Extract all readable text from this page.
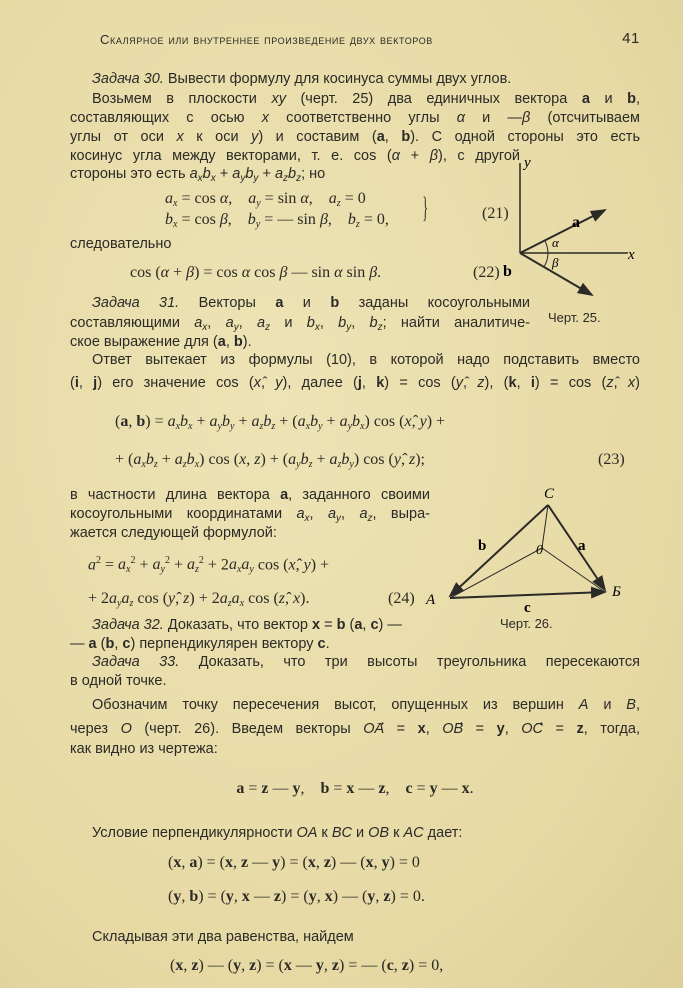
Скалярное или внутреннее произведение двух векторов	41
Задача 30. Вывести формулу для косинуса суммы двух углов.
Возьмем в плоскости xy (черт. 25) два единичных вектора a и b,
составляющих с осью x соответственно углы α и —β (отсчитываем
углы от оси x к оси y) и составим (a, b). С одной стороны это есть
косинус угла между векторами, т. е. cos (α + β), с другой
стороны это есть $a_xb_x + a_yb_y + a_zb_z$; но
$a_x = \cos \alpha$,    $a_y = \sin \alpha$,    $a_z = 0$
$b_x = \cos \beta$,    $b_y$ = — sin β,    $b_z = 0$,
следовательно
cos (α + β) = cos α cos β — sin α sin β.
Задача 31. Векторы a и b заданы косоугольными
составляющими $a_x$, $a_y$, $a_z$ и $b_x$, $b_y$, $b_z$; найти аналитиче-
ское выражение для (a, b).
Ответ вытекает из формулы (10), в которой надо подставить вместо
(i, j) его значение cos (x,̂ y), далее (j, k) = cos (y,̂ z), (k, i) = cos (z,̂ x)
(a, $b) = a_xb_x + a_yb_y + a_zb_z + (a_xb_y + a_yb_x)$ cos (x,̂ y) +
+ $(a_xb_z + a_zb_x)$ cos (x, $z) + (a_yb_z + a_zb_y)$ cos (y,̂ z);
в частности длина вектора a, заданного своими
косоугольными координатами $a_x$, $a_y$, $a_z$, выра-
жается следующей формулой:
$a^2 = a_x^2 + a_y^2 + a_z^2 + 2a_xa_y$ cos (x,̂ y) +
+ $2a_ya_z$ cos (y,̂ $z) + 2a_za_x$ cos (z,̂ x).
Задача 32. Доказать, что вектор x = b (a, c) —
— a (b, c) перпендикулярен вектору c.
Задача 33. Доказать, что три высоты треугольника пересекаются
в одной точке.
Обозначим точку пересечения высот, опущенных из вершин A и B,
через O (черт. 26). Введем векторы OA⃗ = x, OB⃗ = y, OC⃗ = z, тогда,
как видно из чертежа:
a = z — y,    b = x — z,    c = y — x.
Условие перпендикулярности OA к BC и OB к AC дает:
(x, a) = (x, z — y) = (x, z) — (x, y) = 0
(y, b) = (y, x — z) = (y, x) — (y, z) = 0.
Складывая эти два равенства, найдем
(x, z) — (y, z) = (x — y, z) = — (c, z) = 0,
(21)
(22)
(23)
(24)
}
y
x
a
α
β
b
Черт. 25.
C
A	Б
0
b	a
c
Черт. 26.
